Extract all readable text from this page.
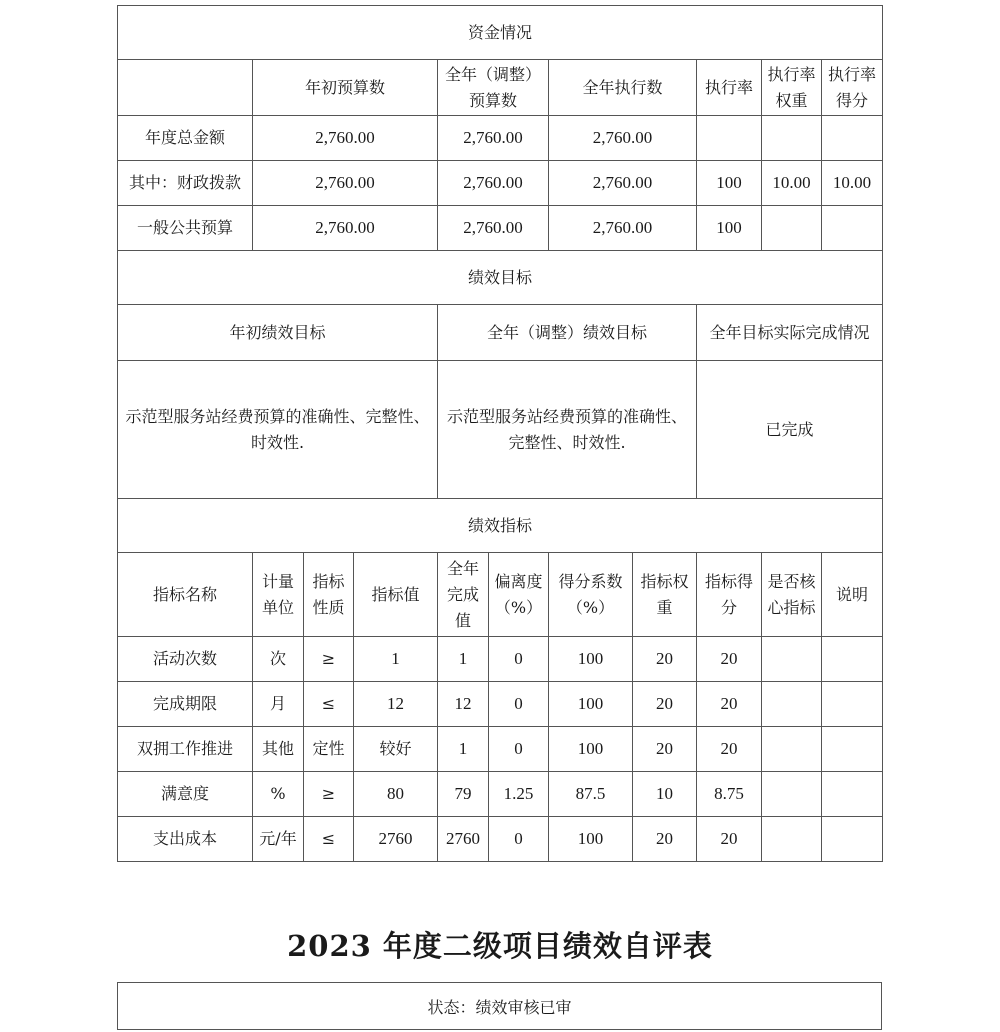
资金情况										
	年初预算数			全年（调整）预算数		全年执行数		执行率	执行率权重	执行率得分
年度总金额	2,760.00			2,760.00		2,760.00				
其中：财政拨款	2,760.00			2,760.00		2,760.00		100	10.00	10.00
一般公共预算	2,760.00			2,760.00		2,760.00		100		
绩效目标										
年初绩效目标				全年（调整）绩效目标				全年目标实际完成情况		
示范型服务站经费预算的准确性、完整性、时效性.				示范型服务站经费预算的准确性、完整性、时效性.				已完成		
绩效指标										
指标名称	计量单位	指标性质	指标值	全年完成值	偏离度（%）	得分系数（%）	指标权重	指标得分	是否核心指标	说明
活动次数	次	≥	1	1	0	100	20	20		
完成期限	月	≤	12	12	0	100	20	20		
双拥工作推进	其他	定性	较好	1	0	100	20	20		
满意度	%	≥	80	79	1.25	87.5	10	8.75		
支出成本	元/年	≤	2760	2760	0	100	20	20		
2023 年度二级项目绩效自评表
状态：绩效审核已审
